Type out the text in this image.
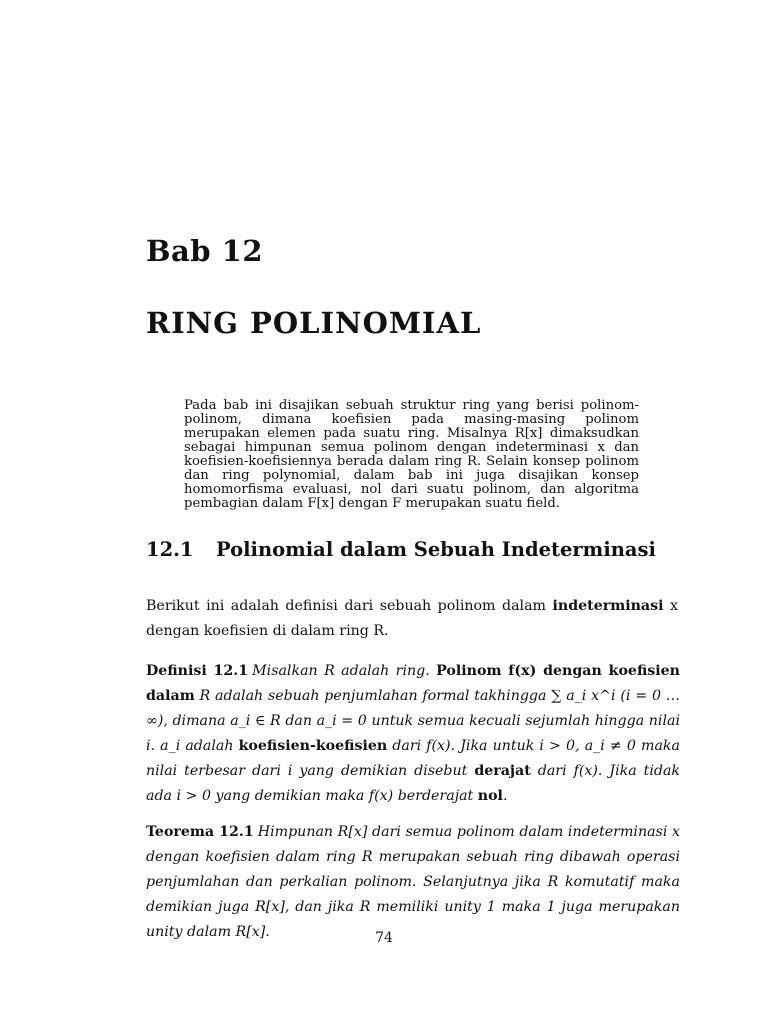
Bab 12
RING POLINOMIAL

Pada bab ini disajikan sebuah struktur ring yang berisi polinom-polinom, dimana koefisien pada masing-masing polinom merupakan elemen pada suatu ring. Misalnya R[x] dimaksudkan sebagai himpunan semua polinom dengan indeterminasi x dan koefisien-koefisiennya berada dalam ring R. Selain konsep polinom dan ring polynomial, dalam bab ini juga disajikan konsep homomorfisma evaluasi, nol dari suatu polinom, dan algoritma pembagian dalam F[x] dengan F merupakan suatu field.

12.1 Polinomial dalam Sebuah Indeterminasi

Berikut ini adalah definisi dari sebuah polinom dalam indeterminasi x dengan koefisien di dalam ring R.

Definisi 12.1 Misalkan R adalah ring. Polinom f(x) dengan koefisien dalam R adalah sebuah penjumlahan formal takhingga ∑ a_i x^i (i = 0 … ∞), dimana a_i ∈ R dan a_i = 0 untuk semua kecuali sejumlah hingga nilai i. a_i adalah koefisien-koefisien dari f(x). Jika untuk i > 0, a_i ≠ 0 maka nilai terbesar dari i yang demikian disebut derajat dari f(x). Jika tidak ada i > 0 yang demikian maka f(x) berderajat nol.

Teorema 12.1 Himpunan R[x] dari semua polinom dalam indeterminasi x dengan koefisien dalam ring R merupakan sebuah ring dibawah operasi penjumlahan dan perkalian polinom. Selanjutnya jika R komutatif maka demikian juga R[x], dan jika R memiliki unity 1 maka 1 juga merupakan unity dalam R[x].	74
